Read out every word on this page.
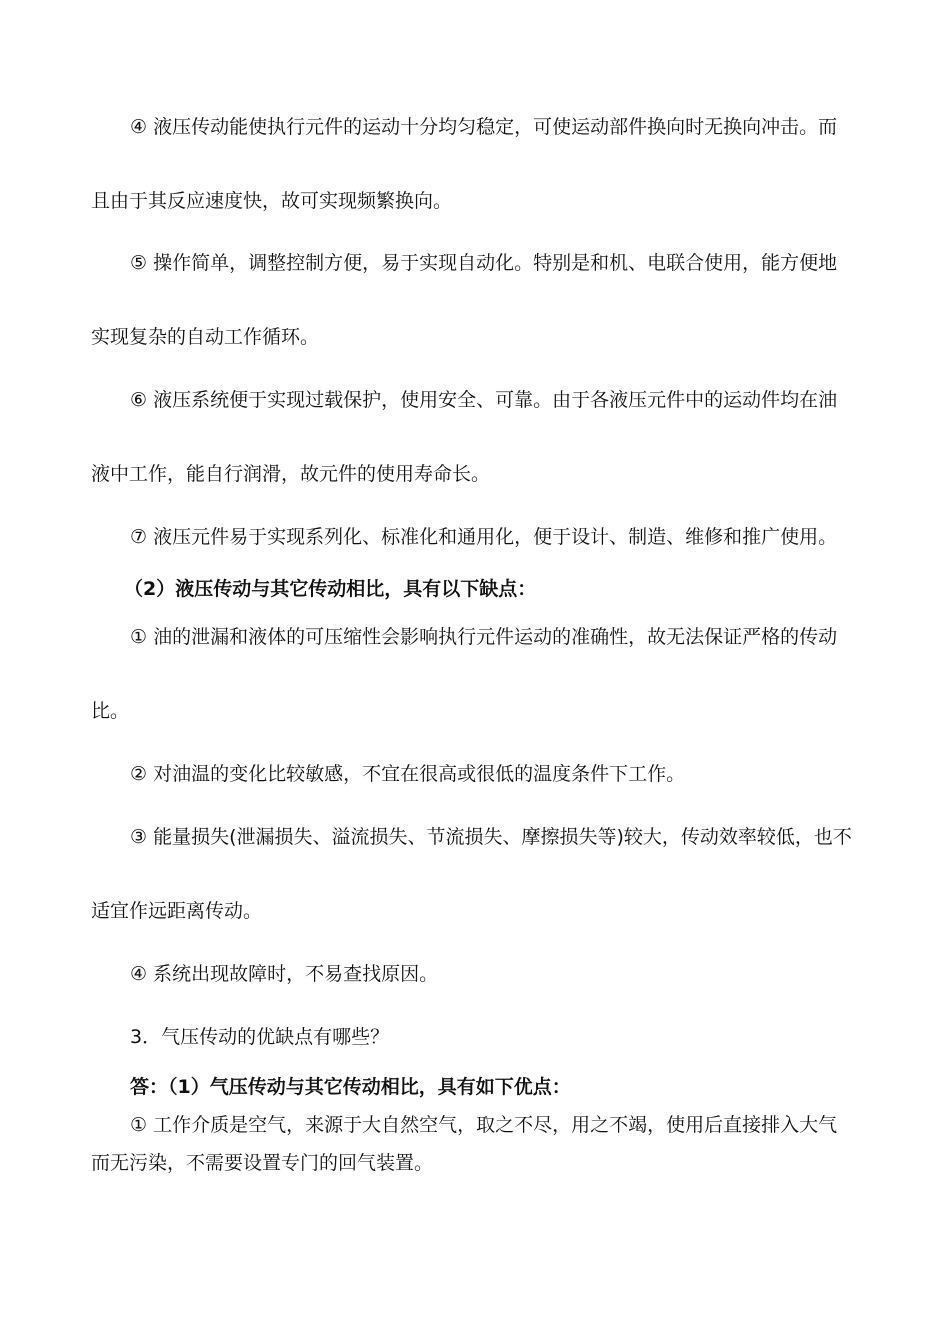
④ 液压传动能使执行元件的运动十分均匀稳定，可使运动部件换向时无换向冲击。而

且由于其反应速度快，故可实现频繁换向。

⑤ 操作简单，调整控制方便，易于实现自动化。特别是和机、电联合使用，能方便地

实现复杂的自动工作循环。

⑥ 液压系统便于实现过载保护，使用安全、可靠。由于各液压元件中的运动件均在油

液中工作，能自行润滑，故元件的使用寿命长。

⑦ 液压元件易于实现系列化、标准化和通用化，便于设计、制造、维修和推广使用。

（2）液压传动与其它传动相比，具有以下缺点：

① 油的泄漏和液体的可压缩性会影响执行元件运动的准确性，故无法保证严格的传动

比。

② 对油温的变化比较敏感，不宜在很高或很低的温度条件下工作。

③ 能量损失(泄漏损失、溢流损失、节流损失、摩擦损失等)较大，传动效率较低，也不

适宜作远距离传动。

④ 系统出现故障时，不易查找原因。

3．气压传动的优缺点有哪些？

答：（1）气压传动与其它传动相比，具有如下优点：

① 工作介质是空气，来源于大自然空气，取之不尽，用之不竭，使用后直接排入大气

而无污染，不需要设置专门的回气装置。
